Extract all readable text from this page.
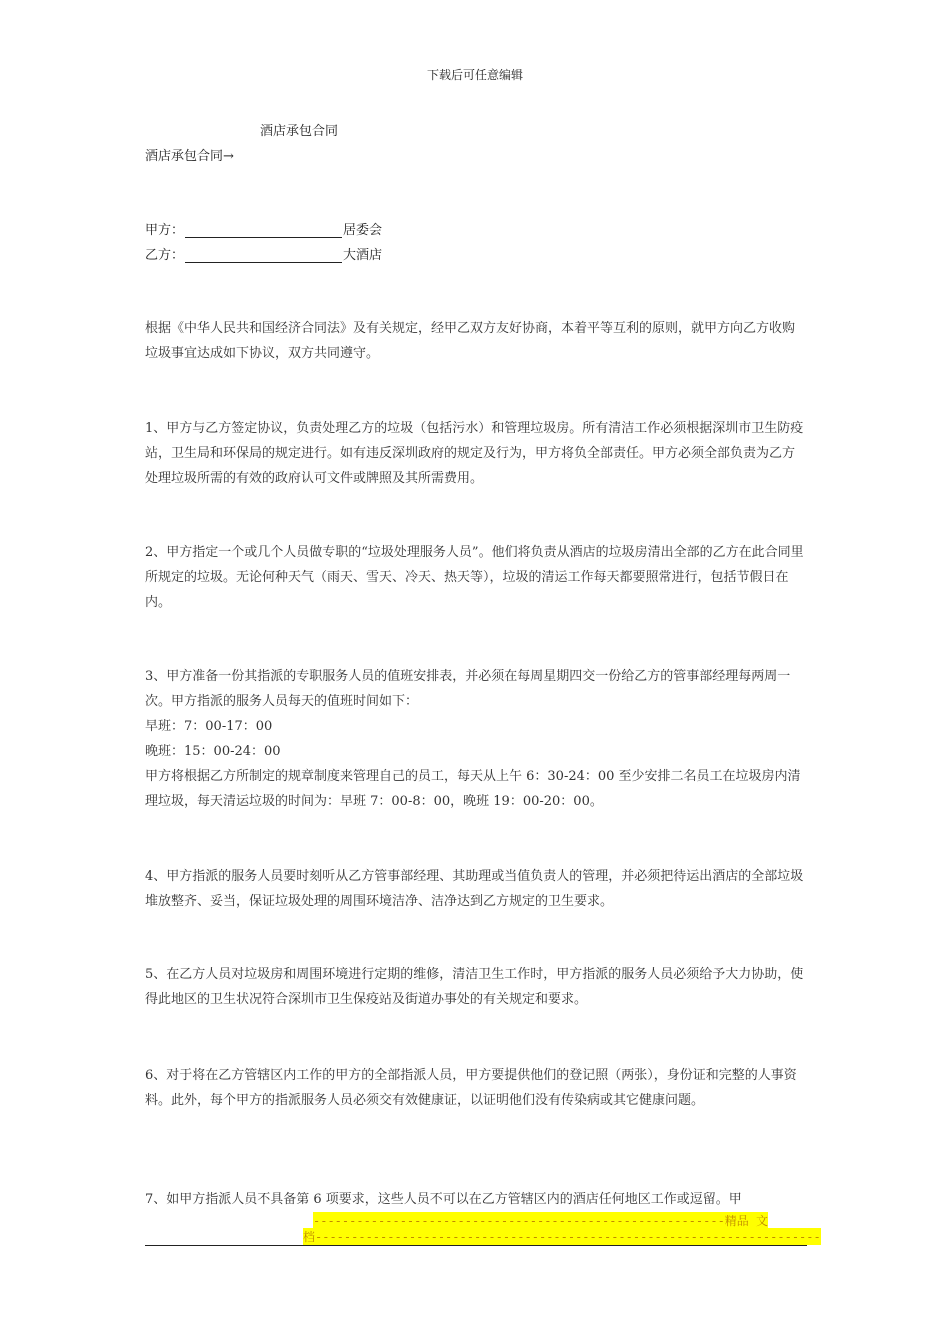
下载后可任意编辑
酒店承包合同
酒店承包合同→
甲方：	居委会
乙方：	大酒店

根据《中华人民共和国经济合同法》及有关规定，经甲乙双方友好协商，本着平等互利的原则，就甲方向乙方收购垃圾事宜达成如下协议，双方共同遵守。

1、甲方与乙方签定协议，负责处理乙方的垃圾（包括污水）和管理垃圾房。所有清洁工作必须根据深圳市卫生防疫站，卫生局和环保局的规定进行。如有违反深圳政府的规定及行为，甲方将负全部责任。甲方必须全部负责为乙方处理垃圾所需的有效的政府认可文件或牌照及其所需费用。

2、甲方指定一个或几个人员做专职的“垃圾处理服务人员”。他们将负责从酒店的垃圾房清出全部的乙方在此合同里所规定的垃圾。无论何种天气（雨天、雪天、冷天、热天等），垃圾的清运工作每天都要照常进行，包括节假日在内。

3、甲方准备一份其指派的专职服务人员的值班安排表，并必须在每周星期四交一份给乙方的管事部经理每两周一次。甲方指派的服务人员每天的值班时间如下：

早班：7：00-17：00

晚班：15：00-24：00

甲方将根据乙方所制定的规章制度来管理自己的员工，每天从上午 6：30-24：00 至少安排二名员工在垃圾房内清理垃圾，每天清运垃圾的时间为：早班 7：00-8：00，晚班 19：00-20：00。

4、甲方指派的服务人员要时刻听从乙方管事部经理、其助理或当值负责人的管理，并必须把待运出酒店的全部垃圾堆放整齐、妥当，保证垃圾处理的周围环境洁净、洁净达到乙方规定的卫生要求。

5、在乙方人员对垃圾房和周围环境进行定期的维修，清洁卫生工作时，甲方指派的服务人员必须给予大力协助，使得此地区的卫生状况符合深圳市卫生保疫站及街道办事处的有关规定和要求。

6、对于将在乙方管辖区内工作的甲方的全部指派人员，甲方要提供他们的登记照（两张），身份证和完整的人事资料。此外，每个甲方的指派服务人员必须交有效健康证，以证明他们没有传染病或其它健康问题。

7、如甲方指派人员不具备第 6 项要求，这些人员不可以在乙方管辖区内的酒店任何地区工作或逗留。甲

---------------------------------------------------------精品 文
档----------------------------------------------------------------------
